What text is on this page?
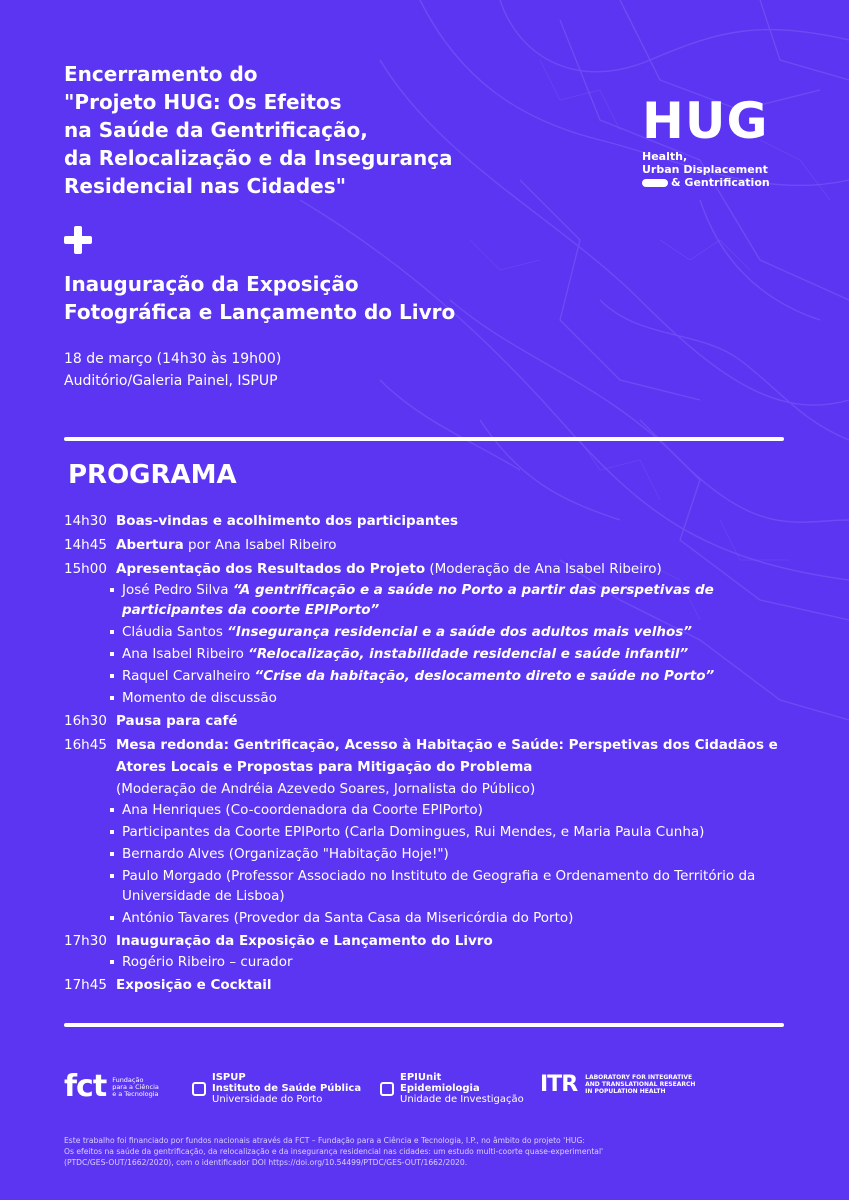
Encerramento do
"Projeto HUG: Os Efeitos
na Saúde da Gentrificação,
da Relocalização e da Insegurança
Residencial nas Cidades"
Inauguração da Exposição
Fotográfica e Lançamento do Livro
18 de março (14h30 às 19h00)
Auditório/Galeria Painel, ISPUP
HUG
Health,
Urban Displacement
& Gentrification
PROGRAMA
14h30 Boas-vindas e acolhimento dos participantes
14h45 Abertura por Ana Isabel Ribeiro
15h00 Apresentação dos Resultados do Projeto (Moderação de Ana Isabel Ribeiro)
José Pedro Silva “A gentrificação e a saúde no Porto a partir das perspetivas de participantes da coorte EPIPorto”
Cláudia Santos “Insegurança residencial e a saúde dos adultos mais velhos”
Ana Isabel Ribeiro “Relocalização, instabilidade residencial e saúde infantil”
Raquel Carvalheiro “Crise da habitação, deslocamento direto e saúde no Porto”
Momento de discussão
16h30 Pausa para café
16h45 Mesa redonda: Gentrificação, Acesso à Habitação e Saúde: Perspetivas dos Cidadãos e Atores Locais e Propostas para Mitigação do Problema
(Moderação de Andréia Azevedo Soares, Jornalista do Público)
Ana Henriques (Co-coordenadora da Coorte EPIPorto)
Participantes da Coorte EPIPorto (Carla Domingues, Rui Mendes, e Maria Paula Cunha)
Bernardo Alves (Organização "Habitação Hoje!")
Paulo Morgado (Professor Associado no Instituto de Geografia e Ordenamento do Território da Universidade de Lisboa)
António Tavares (Provedor da Santa Casa da Misericórdia do Porto)
17h30 Inauguração da Exposição e Lançamento do Livro
Rogério Ribeiro – curador
17h45 Exposição e Cocktail
fct Fundação
para a Ciência
e a Tecnologia
ISPUP
Instituto de Saúde Pública
Universidade do Porto
EPIUnit
Epidemiologia
Unidade de Investigação
ITR LABORATORY FOR INTEGRATIVE
AND TRANSLATIONAL RESEARCH
IN POPULATION HEALTH
Este trabalho foi financiado por fundos nacionais através da FCT – Fundação para a Ciência e Tecnologia, I.P., no âmbito do projeto 'HUG:
Os efeitos na saúde da gentrificação, da relocalização e da insegurança residencial nas cidades: um estudo multi-coorte quase-experimental'
(PTDC/GES-OUT/1662/2020), com o identificador DOI https://doi.org/10.54499/PTDC/GES-OUT/1662/2020.
